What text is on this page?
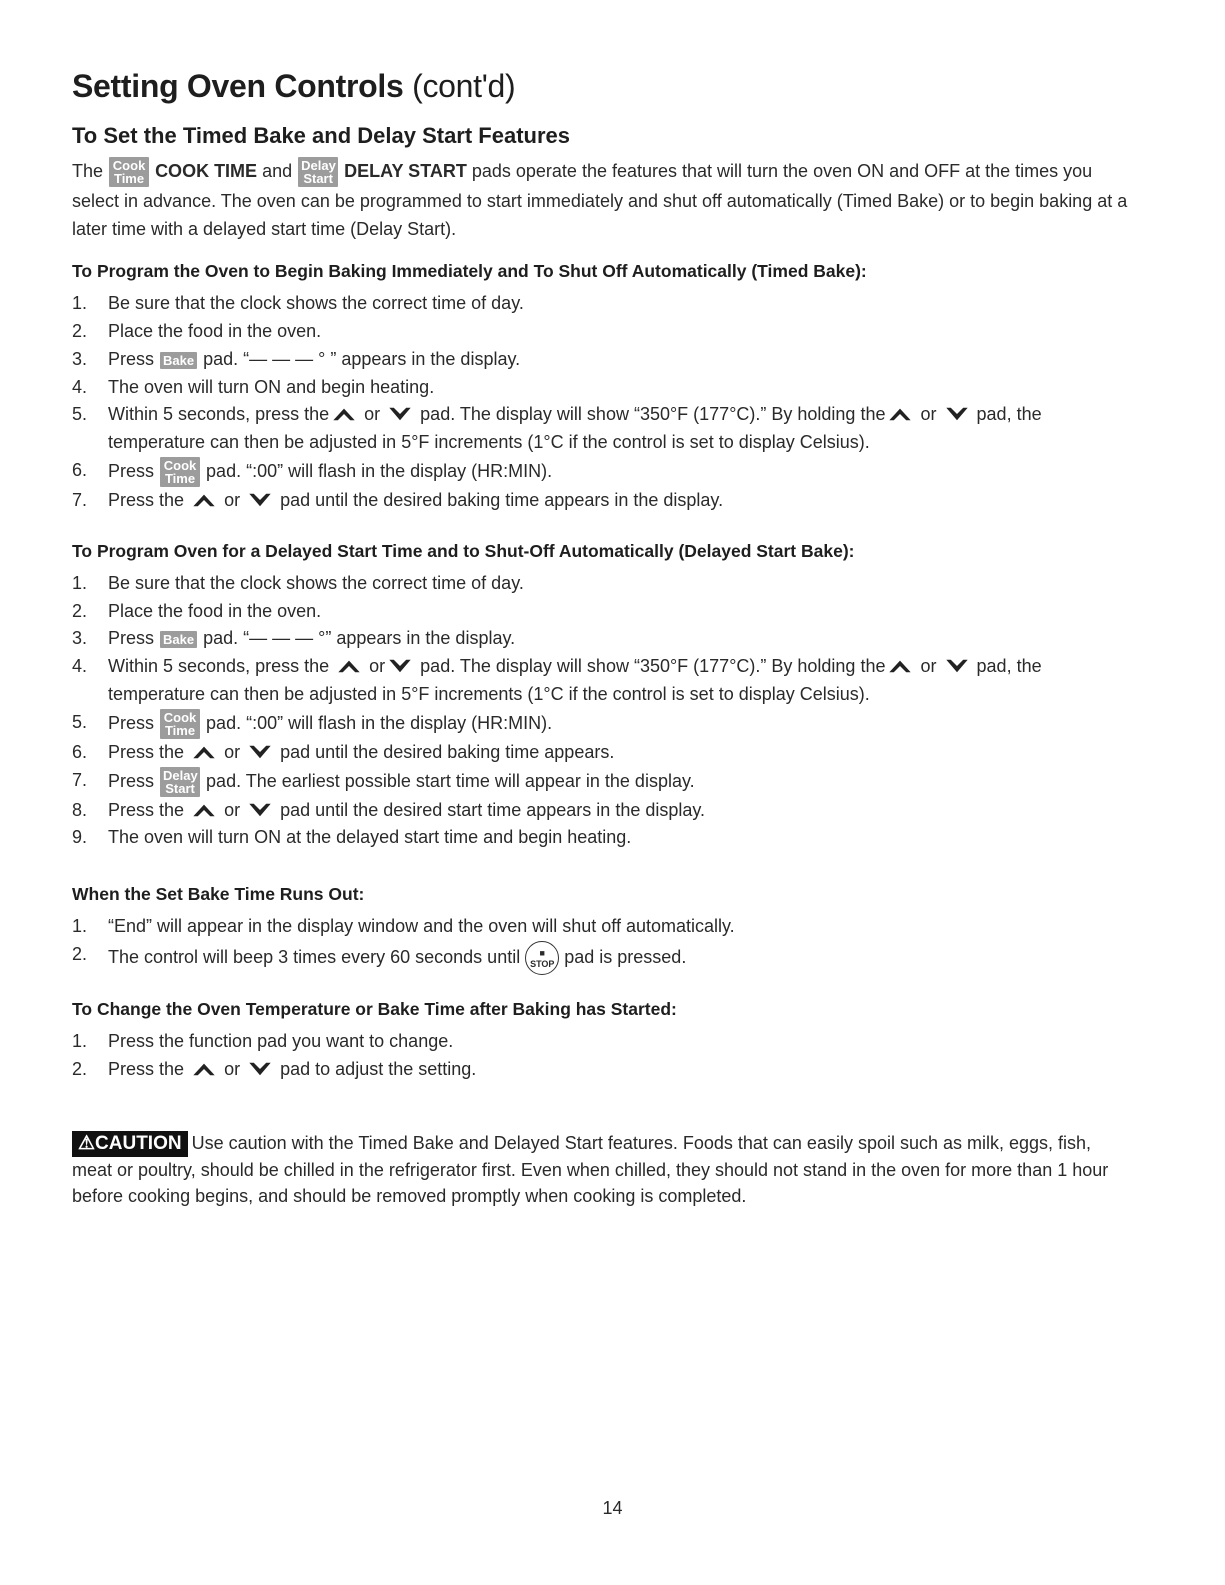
Setting Oven Controls (cont'd)
To Set the Timed Bake and Delay Start Features

The Cook
Time COOK TIME and Delay
Start DELAY START pads operate the features that will turn the oven ON and OFF at the times you select in advance. The oven can be programmed to start immediately and shut off automatically (Timed Bake) or to begin baking at a later time with a delayed start time (Delay Start).

To Program the Oven to Begin Baking Immediately and To Shut Off Automatically (Timed Bake):
1. Be sure that the clock shows the correct time of day.
2. Place the food in the oven.
3. Press Bake pad. “— — — ° ” appears in the display.
4. The oven will turn ON and begin heating.
5. Within 5 seconds, press the or pad. The display will show “350°F (177°C).” By holding the or pad, the temperature can then be adjusted in 5°F increments (1°C if the control is set to display Celsius).
6. Press Cook
Time pad. “:00” will flash in the display (HR:MIN).
7. Press the or pad until the desired baking time appears in the display.
To Program Oven for a Delayed Start Time and to Shut-Off Automatically (Delayed Start Bake):
1. Be sure that the clock shows the correct time of day.
2. Place the food in the oven.
3. Press Bake pad. “— — — °” appears in the display.
4. Within 5 seconds, press the or pad. The display will show “350°F (177°C).” By holding the or pad, the temperature can then be adjusted in 5°F increments (1°C if the control is set to display Celsius).
5. Press Cook
Time pad. “:00” will flash in the display (HR:MIN).
6. Press the or pad until the desired baking time appears.
7. Press Delay
Start pad. The earliest possible start time will appear in the display.
8. Press the or pad until the desired start time appears in the display.
9. The oven will turn ON at the delayed start time and begin heating.
When the Set Bake Time Runs Out:
1. “End” will appear in the display window and the oven will shut off automatically.
2. The control will beep 3 times every 60 seconds until ■
STOP pad is pressed.
To Change the Oven Temperature or Bake Time after Baking has Started:
1. Press the function pad you want to change.
2. Press the or pad to adjust the setting.
⚠CAUTION Use caution with the Timed Bake and Delayed Start features. Foods that can easily spoil such as milk, eggs, fish, meat or poultry, should be chilled in the refrigerator first. Even when chilled, they should not stand in the oven for more than 1 hour before cooking begins, and should be removed promptly when cooking is completed.
14
